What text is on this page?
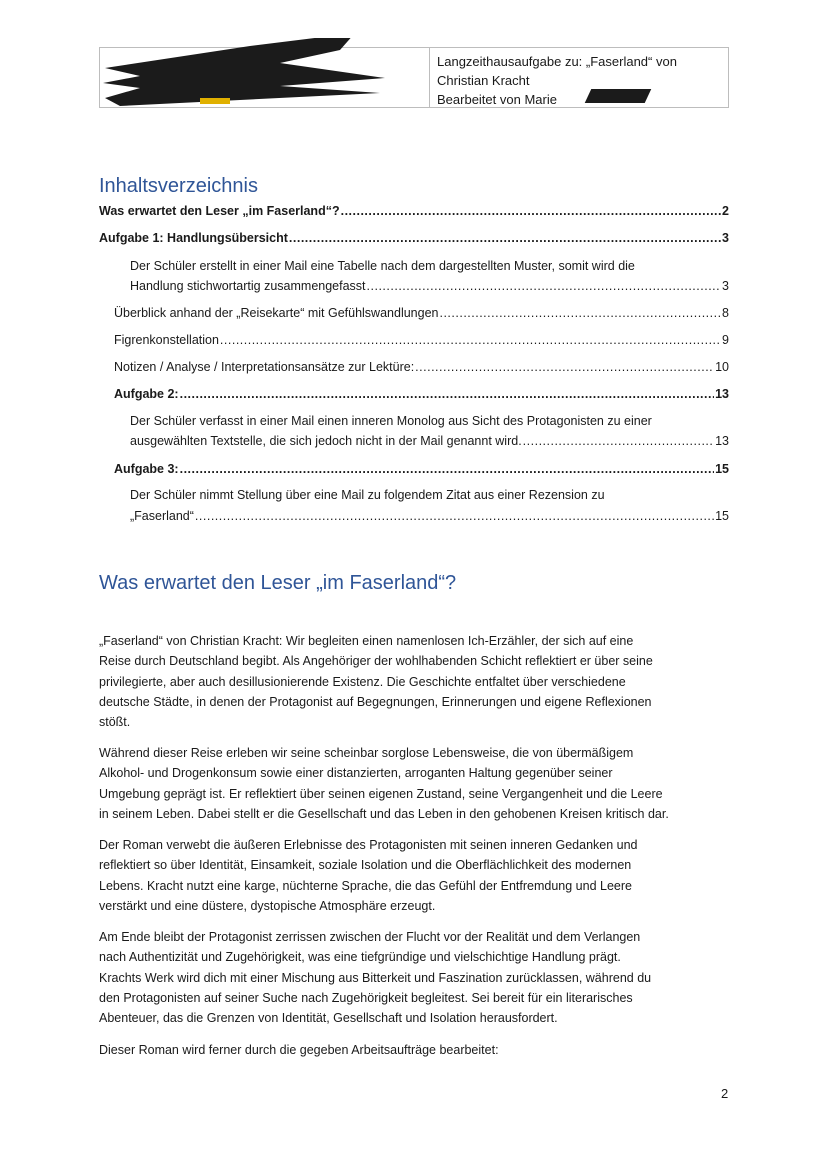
Langzeithausaufgabe zu: „Faserland“ von
Christian Kracht
Bearbeitet von Marie
Inhaltsverzeichnis
Was erwartet den Leser „im Faserland“? .....	2
Aufgabe 1: Handlungsübersicht .....	3
Der Schüler erstellt in einer Mail eine Tabelle nach dem dargestellten Muster, somit wird die
Handlung stichwortartig zusammengefasst .....	3
Überblick anhand der „Reisekarte“ mit Gefühlswandlungen .....	8
Figrenkonstellation .....	9
Notizen / Analyse / Interpretationsansätze zur Lektüre: .....	10
Aufgabe 2: .....	13
Der Schüler verfasst in einer Mail einen inneren Monolog aus Sicht des Protagonisten zu einer
ausgewählten Textstelle, die sich jedoch nicht in der Mail genannt wird. .....	13
Aufgabe 3: .....	15
Der Schüler nimmt Stellung über eine Mail zu folgendem Zitat aus einer Rezension zu
„Faserland“ .....	15
Was erwartet den Leser „im Faserland“?
„Faserland“ von Christian Kracht: Wir begleiten einen namenlosen Ich-Erzähler, der sich auf eine
Reise durch Deutschland begibt. Als Angehöriger der wohlhabenden Schicht reflektiert er über seine
privilegierte, aber auch desillusionierende Existenz. Die Geschichte entfaltet über verschiedene
deutsche Städte, in denen der Protagonist auf Begegnungen, Erinnerungen und eigene Reflexionen
stößt.
Während dieser Reise erleben wir seine scheinbar sorglose Lebensweise, die von übermäßigem
Alkohol- und Drogenkonsum sowie einer distanzierten, arroganten Haltung gegenüber seiner
Umgebung geprägt ist. Er reflektiert über seinen eigenen Zustand, seine Vergangenheit und die Leere
in seinem Leben. Dabei stellt er die Gesellschaft und das Leben in den gehobenen Kreisen kritisch dar.
Der Roman verwebt die äußeren Erlebnisse des Protagonisten mit seinen inneren Gedanken und
reflektiert so über Identität, Einsamkeit, soziale Isolation und die Oberflächlichkeit des modernen
Lebens. Kracht nutzt eine karge, nüchterne Sprache, die das Gefühl der Entfremdung und Leere
verstärkt und eine düstere, dystopische Atmosphäre erzeugt.
Am Ende bleibt der Protagonist zerrissen zwischen der Flucht vor der Realität und dem Verlangen
nach Authentizität und Zugehörigkeit, was eine tiefgründige und vielschichtige Handlung prägt.
Krachts Werk wird dich mit einer Mischung aus Bitterkeit und Faszination zurücklassen, während du
den Protagonisten auf seiner Suche nach Zugehörigkeit begleitest. Sei bereit für ein literarisches
Abenteuer, das die Grenzen von Identität, Gesellschaft und Isolation herausfordert.
Dieser Roman wird ferner durch die gegeben Arbeitsaufträge bearbeitet:
2
